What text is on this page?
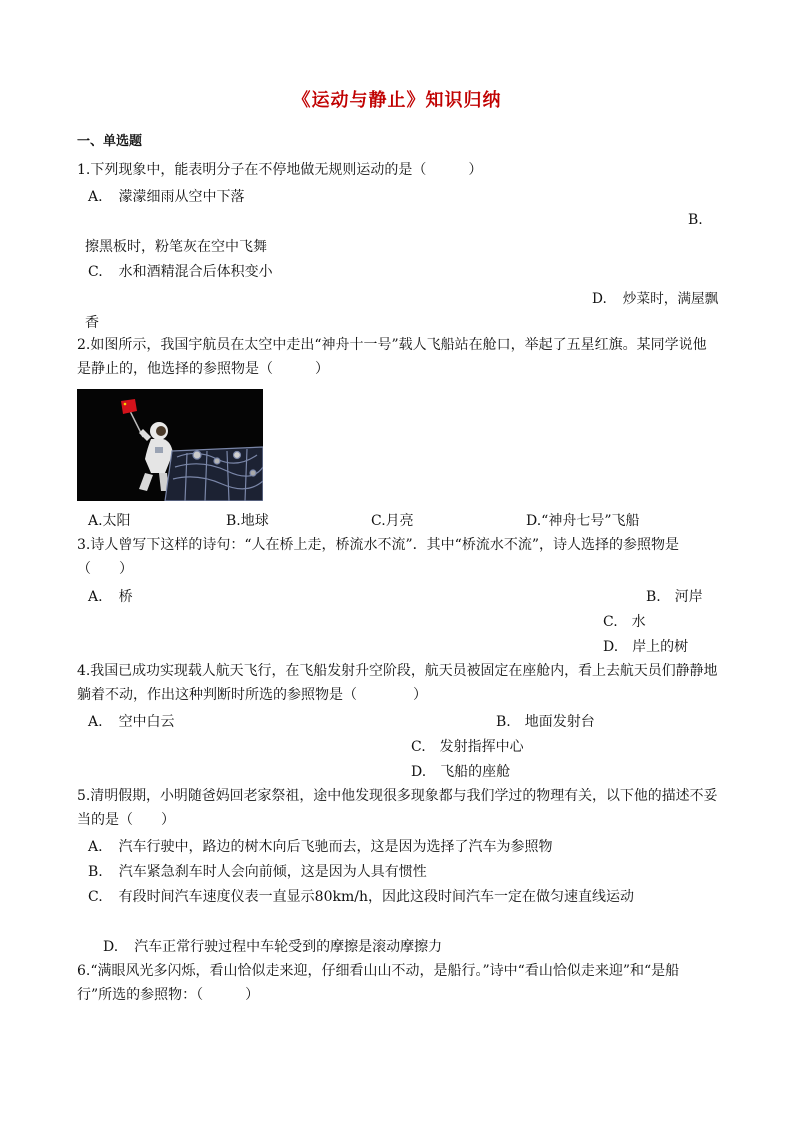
《运动与静止》知识归纳
一、单选题
1.下列现象中，能表明分子在不停地做无规则运动的是（　　　）
A. 濛濛细雨从空中下落
B.
擦黑板时，粉笔灰在空中飞舞
C. 水和酒精混合后体积变小
D. 炒菜时，满屋飘
香
2.如图所示，我国宇航员在太空中走出“神舟十一号”载人飞船站在舱口，举起了五星红旗。某同学说他
是静止的，他选择的参照物是（　　　）
A.太阳	B.地球	C.月亮	D.“神舟七号”飞船
3.诗人曾写下这样的诗句：“人在桥上走，桥流水不流”．其中“桥流水不流”，诗人选择的参照物是
（　　）
A. 桥	B. 河岸
C. 水
D. 岸上的树
4.我国已成功实现载人航天飞行，在飞船发射升空阶段，航天员被固定在座舱内，看上去航天员们静静地
躺着不动，作出这种判断时所选的参照物是（　　　　）
A. 空中白云	B. 地面发射台
C. 发射指挥中心
D. 飞船的座舱
5.清明假期，小明随爸妈回老家祭祖，途中他发现很多现象都与我们学过的物理有关，以下他的描述不妥
当的是（　　）
A. 汽车行驶中，路边的树木向后飞驰而去，这是因为选择了汽车为参照物
B. 汽车紧急刹车时人会向前倾，这是因为人具有惯性
C. 有段时间汽车速度仪表一直显示80km/h，因此这段时间汽车一定在做匀速直线运动
D. 汽车正常行驶过程中车轮受到的摩擦是滚动摩擦力
6.“满眼风光多闪烁，看山恰似走来迎，仔细看山山不动，是船行。”诗中“看山恰似走来迎”和“是船
行”所选的参照物：（　　　）
